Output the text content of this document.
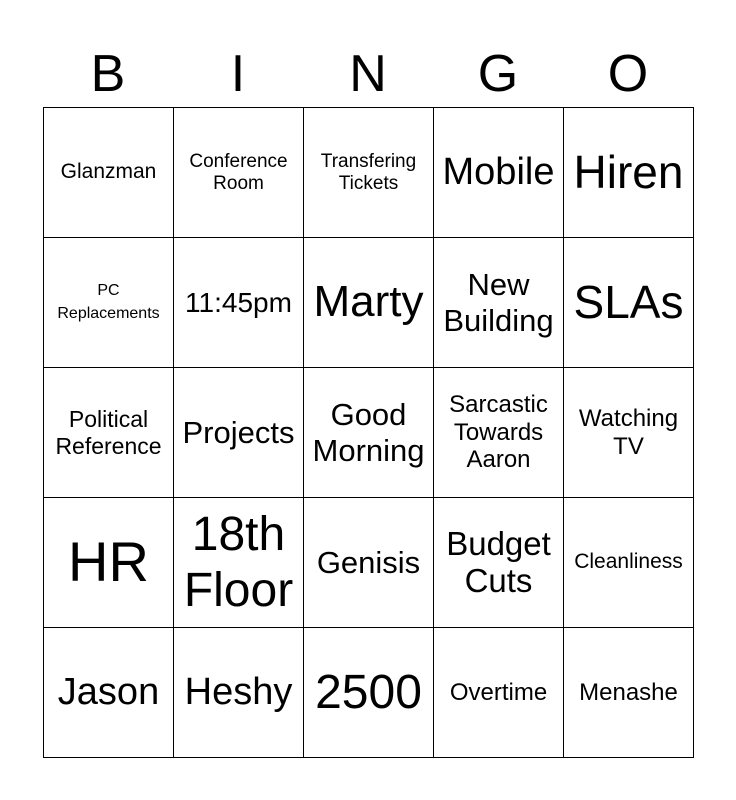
B	I	N	G	O
Glanzman	Conference Room	Transfering Tickets	Mobile	Hiren
PC Replacements	11:45pm	Marty	New Building	SLAs
Political Reference	Projects	Good Morning	Sarcastic Towards Aaron	Watching TV
HR	18th Floor	Genisis	Budget Cuts	Cleanliness
Jason	Heshy	2500	Overtime	Menashe
